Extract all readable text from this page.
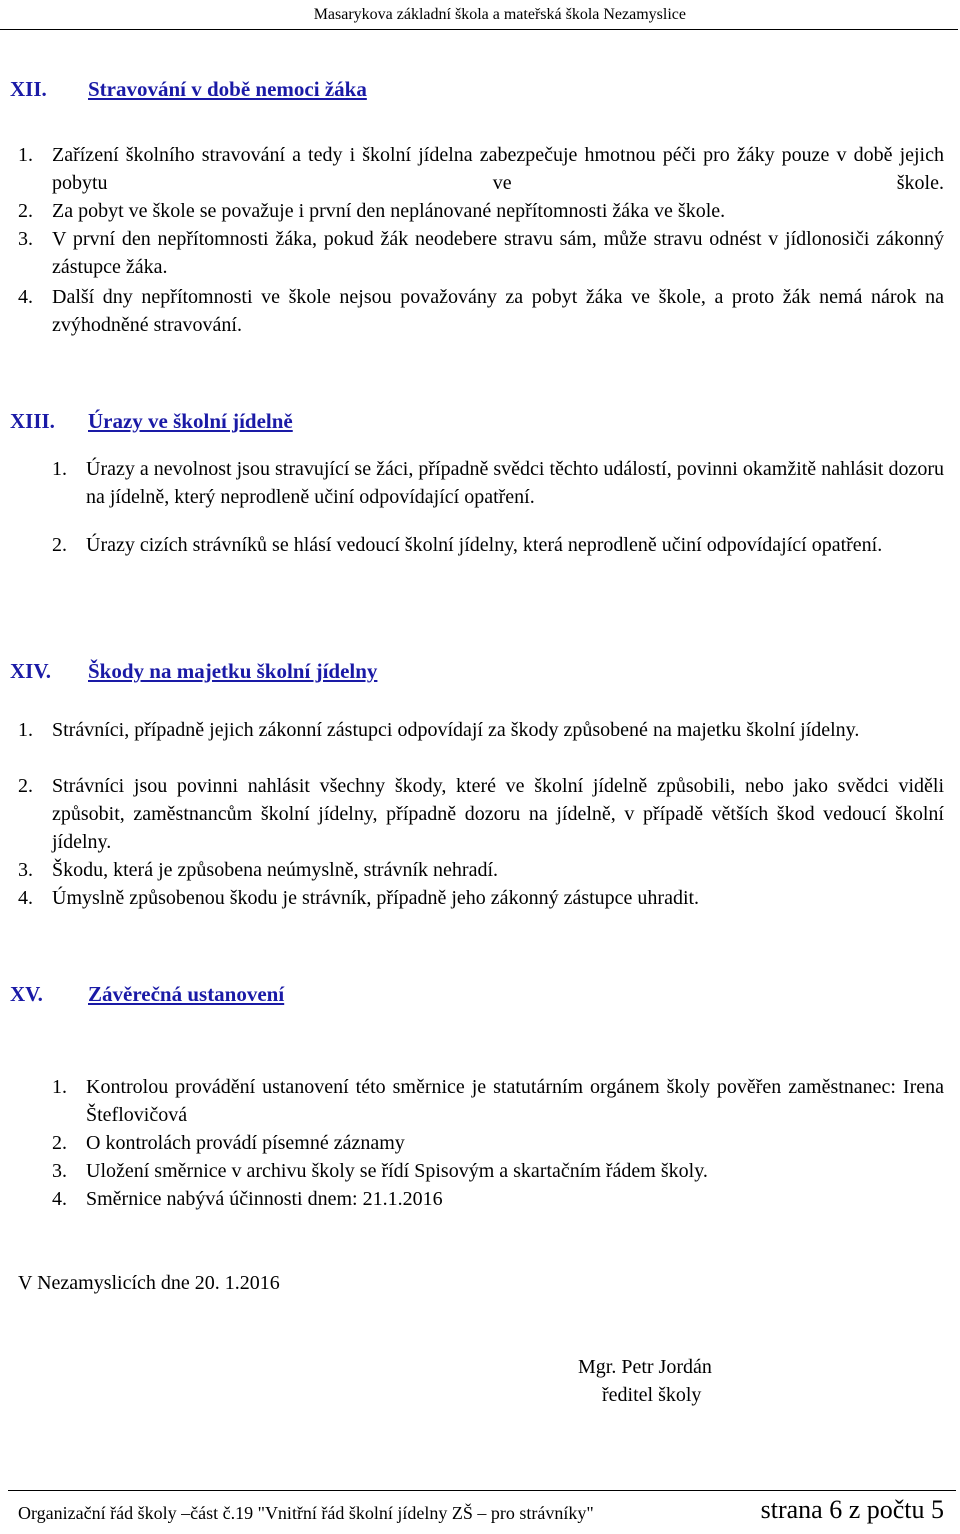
Masarykova základní škola a mateřská škola Nezamyslice
XII. Stravování v době nemoci žáka
1. Zařízení školního stravování a tedy i školní jídelna zabezpečuje hmotnou péči pro žáky pouze v době jejich pobytu ve škole.
2. Za pobyt ve škole se považuje i první den neplánované nepřítomnosti žáka ve škole.
3. V první den nepřítomnosti žáka, pokud žák neodebere stravu sám, může stravu odnést v jídlonosiči zákonný zástupce žáka.
4. Další dny nepřítomnosti ve škole nejsou považovány za pobyt žáka ve škole, a proto žák nemá nárok na zvýhodněné stravování.
XIII. Úrazy ve školní jídelně
1. Úrazy a nevolnost jsou stravující se žáci, případně svědci těchto událostí, povinni okamžitě nahlásit dozoru na jídelně, který neprodleně učiní odpovídající opatření.
2. Úrazy cizích strávníků se hlásí vedoucí školní jídelny, která neprodleně učiní odpovídající opatření.
XIV. Škody na majetku školní jídelny
1. Strávníci, případně jejich zákonní zástupci odpovídají za škody způsobené na majetku školní jídelny.
2. Strávníci jsou povinni nahlásit všechny škody, které ve školní jídelně způsobili, nebo jako svědci viděli způsobit, zaměstnancům školní jídelny, případně dozoru na jídelně, v případě větších škod vedoucí školní jídelny.
3. Škodu, která je způsobena neúmyslně, strávník nehradí.
4. Úmyslně způsobenou škodu je strávník, případně jeho zákonný zástupce uhradit.
XV. Závěrečná ustanovení
1. Kontrolou provádění ustanovení této směrnice je statutárním orgánem školy pověřen zaměstnanec: Irena Šteflovičová
2. O kontrolách provádí písemné záznamy
3. Uložení směrnice v archivu školy se řídí Spisovým a skartačním řádem školy.
4. Směrnice nabývá účinnosti dnem: 21.1.2016
V Nezamyslicích dne 20. 1.2016
Mgr. Petr Jordán
ředitel školy
Organizační řád školy –část č.19 "Vnitřní řád školní jídelny ZŠ – pro strávníky"	strana 6 z počtu 5
